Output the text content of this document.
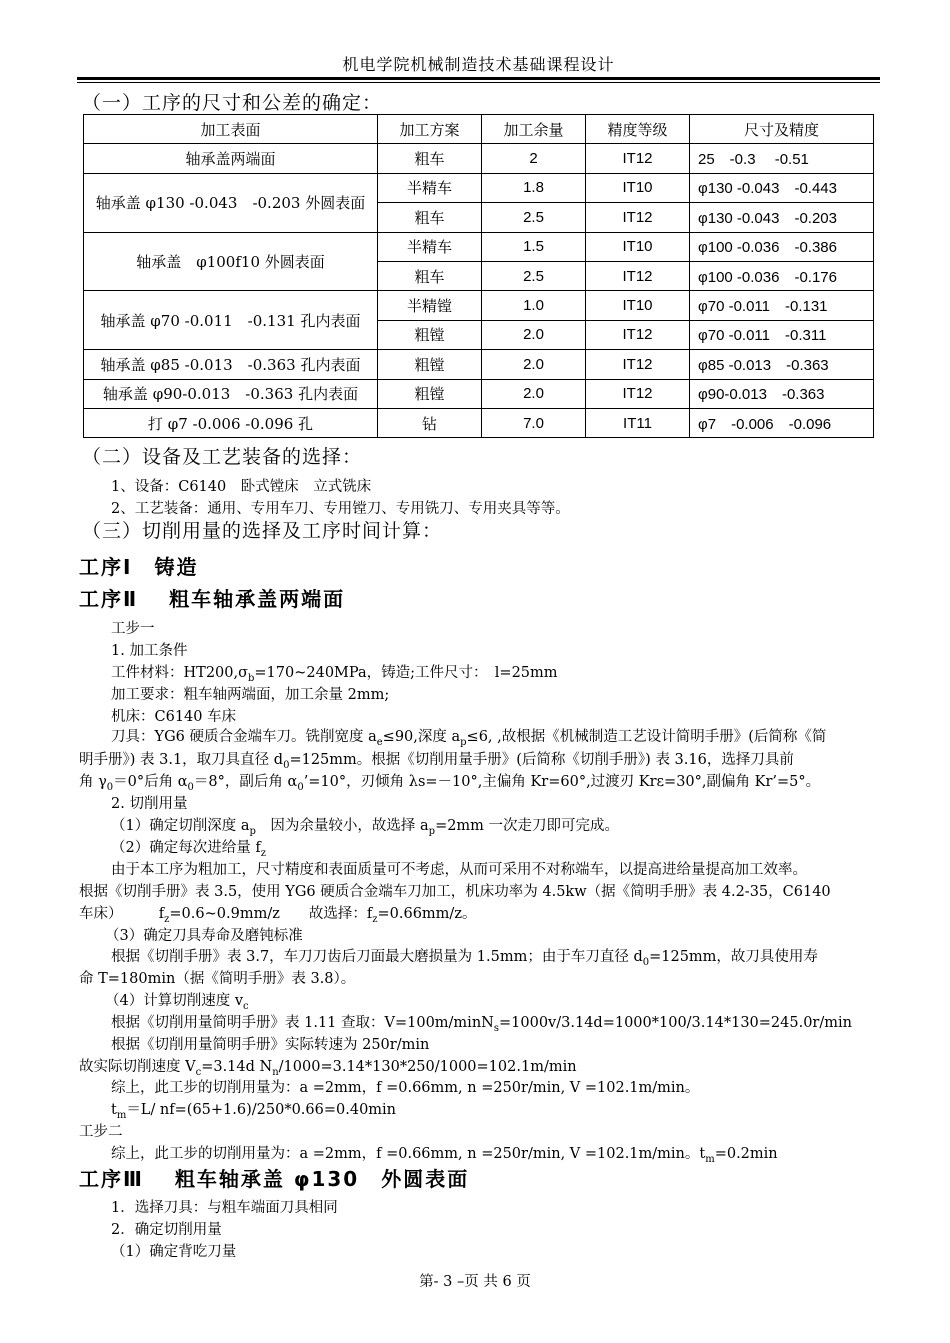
机电学院机械制造技术基础课程设计
（一）工序的尺寸和公差的确定：
加工表面	加工方案	加工余量	精度等级	尺寸及精度
轴承盖两端面	粗车	2	IT12	25　-0.3　 -0.51
轴承盖 φ130 -0.043　-0.203 外圆表面	半精车	1.8	IT10	φ130 -0.043　-0.443
	粗车	2.5	IT12	φ130 -0.043　-0.203
轴承盖　φ100f10 外圆表面	半精车	1.5	IT10	φ100 -0.036　-0.386
	粗车	2.5	IT12	φ100 -0.036　-0.176
轴承盖 φ70 -0.011　-0.131 孔内表面	半精镗	1.0	IT10	φ70 -0.011　-0.131
	粗镗	2.0	IT12	φ70 -0.011　-0.311
轴承盖 φ85 -0.013　-0.363 孔内表面	粗镗	2.0	IT12	φ85 -0.013　-0.363
轴承盖 φ90-0.013　-0.363 孔内表面	粗镗	2.0	IT12	φ90-0.013　-0.363
打 φ7 -0.006 -0.096 孔	钻	7.0	IT11	φ7　-0.006　-0.096
（二）设备及工艺装备的选择：
1、设备：C6140　卧式镗床　立式铣床
2、工艺装备：通用、专用车刀、专用镗刀、专用铣刀、专用夹具等等。
（三）切削用量的选择及工序时间计算：
工序Ⅰ　铸造
工序Ⅱ　 粗车轴承盖两端面
工步一
1. 加工条件
工件材料：$HT200,\sigma_b=170\sim 240MPa$，铸造;工件尺寸：　l=25mm
加工要求：粗车轴两端面，加工余量 2mm;
机床：C6140 车床
刀具：YG6 硬质合金端车刀。铣削宽度 $a_e\le 90$,深度 $a_p\le 6$, ,故根据《机械制造工艺设计简明手册》(后简称《简
明手册》) 表 3.1，取刀具直径 $d_0=125mm$。根据《切削用量手册》(后简称《切削手册》) 表 3.16，选择刀具前
角 $\gamma_0=0^\circ$后角 $\alpha_0=8^\circ$，副后角 $\alpha_0’=10^\circ$，刃倾角 λs=－10°,主偏角 Kr=60°,过渡刃 Krε=30°,副偏角 Kr’=5°。
2. 切削用量
（1）确定切削深度 $a_p$　因为余量较小，故选择 $a_p=2mm$ 一次走刀即可完成。
（2）确定每次进给量 $f_z$
由于本工序为粗加工，尺寸精度和表面质量可不考虑，从而可采用不对称端车，以提高进给量提高加工效率。
根据《切削手册》表 3.5，使用 YG6 硬质合金端车刀加工，机床功率为 4.5kw（据《简明手册》表 4.2-35，C6140
车床）　　　$f_z=0.6\sim 0.9mm/z$　　故选择：$f_z=0.66mm/z$。
（3）确定刀具寿命及磨钝标准
根据《切削手册》表 3.7，车刀刀齿后刀面最大磨损量为 1.5mm；由于车刀直径 $d_0=125mm$，故刀具使用寿
命 T=180min（据《简明手册》表 3.8）。
（4）计算切削速度 $v_c$
根据《切削用量简明手册》表 1.11 查取：V=100m/minN$_s$=1000v/3.14d=1000*100/3.14*130=245.0r/min
根据《切削用量简明手册》实际转速为 250r/min
故实际切削速度 $V_c=3.14d$ $N_n/1000=3.14*130*250/1000=102.1m/\min$
综上，此工步的切削用量为：a =2mm，f =0.66mm, n =250r/min, V =102.1m/min。
$t_m=L/$ nf=(65+1.6)/250*0.66=0.40min
工步二
综上，此工步的切削用量为：a =2mm，f =0.66mm, n =250r/min, V =102.1m/min。$t_m=0.2\min$
工序Ⅲ　 粗车轴承盖 φ130　外圆表面
1．选择刀具：与粗车端面刀具相同
2．确定切削用量
（1）确定背吃刀量
第- 3 –页 共 6 页
